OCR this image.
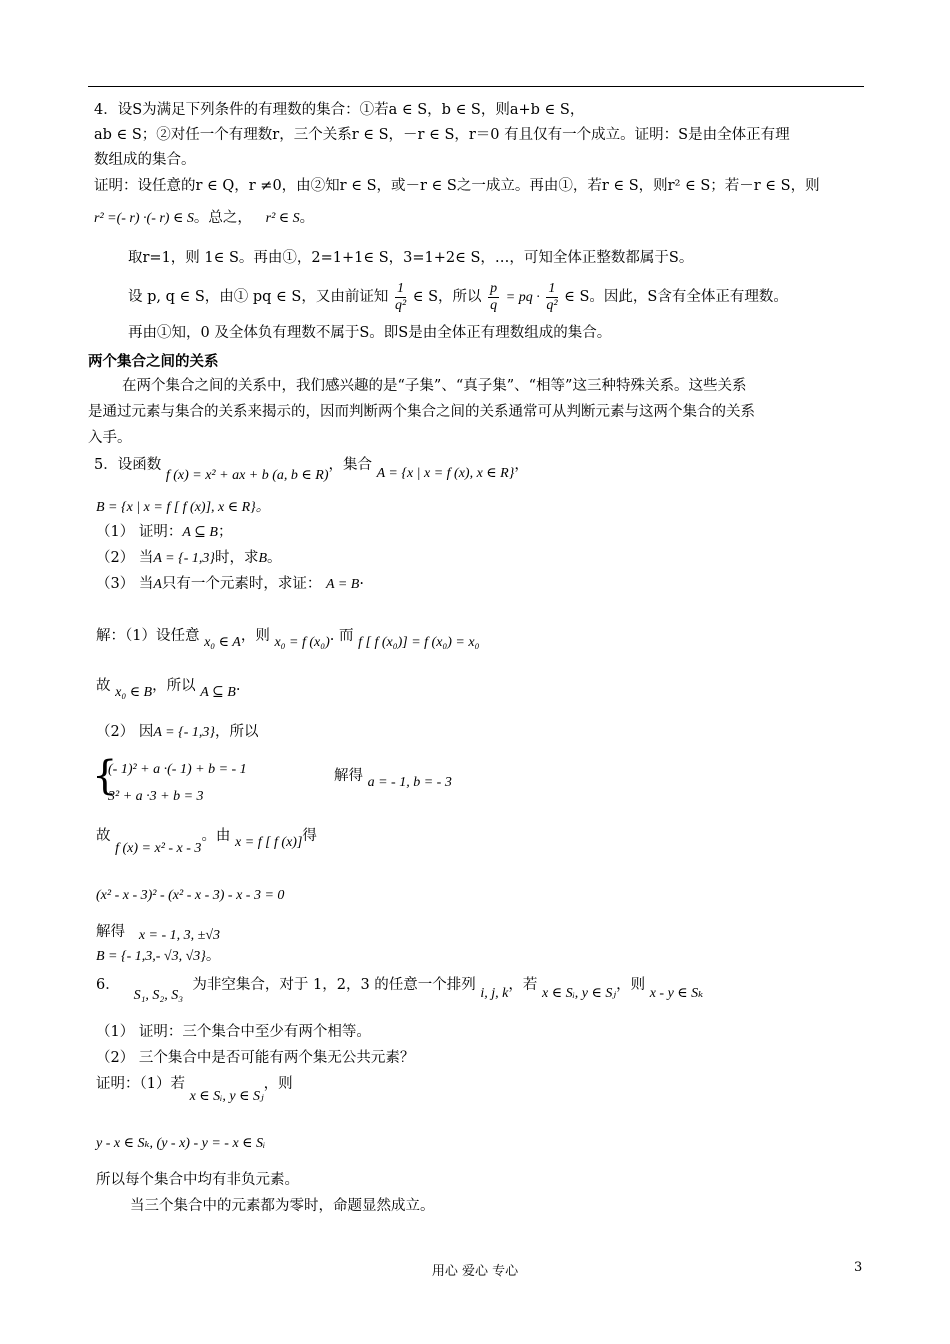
4．设S为满足下列条件的有理数的集合：①若a ∈ S，b ∈ S，则a+b ∈ S，
ab ∈ S；②对任一个有理数r，三个关系r ∈ S，－r ∈ S，r＝0 有且仅有一个成立。证明：S是由全体正有理
数组成的集合。
证明：设任意的r ∈ Q，r ≠0，由②知r ∈ S，或－r ∈ S之一成立。再由①，若r ∈ S，则r² ∈ S；若－r ∈ S，则
r² =(- r) ·(- r) ∈ S。总之， r² ∈ S。
取r=1，则 1∈ S。再由①，2=1+1∈ S，3=1+2∈ S，…，可知全体正整数都属于S。
设 p, q ∈ S，由① pq ∈ S，又由前证知 $\frac{1}{\text{q²}}$ ∈ S，所以 $\frac{p}{q}$ = pq · $\frac{1}{\text{q²}}$ ∈ S。因此，S含有全体正有理数。
再由①知，0 及全体负有理数不属于S。即S是由全体正有理数组成的集合。
两个集合之间的关系
在两个集合之间的关系中，我们感兴趣的是“子集”、“真子集”、“相等”这三种特殊关系。这些关系
是通过元素与集合的关系来揭示的，因而判断两个集合之间的关系通常可从判断元素与这两个集合的关系
入手。
5．设函数 f (x) = x² + ax + b (a, b ∈ R)，集合 A = {x | x = f (x), x ∈ R}，
B = {x | x = f [ f (x)], x ∈ R}。
（1） 证明：A ⊆ B；
（2） 当A = {- 1,3}时，求B。
（3） 当A只有一个元素时，求证： A = B·
解：（1）设任意 x₀ ∈ A，则 x₀ = f (x₀). 而 f [ f (x₀)] = f (x₀) = x₀
故 x₀ ∈ B，所以 A ⊆ B.
（2） 因A = {- 1,3}，所以
{
(- 1)² + a ·(- 1) + b = - 1
3² + a ·3 + b = 3
解得 a = - 1, b = - 3
故 f (x) = x² - x - 3。由 x = f [ f (x)]得
(x² - x - 3)² - (x² - x - 3) - x - 3 = 0
解得 x = - 1, 3, ±√3
B = {- 1,3,- √3, √3}。
6．   S₁, S₂, S₃  为非空集合，对于 1，2，3 的任意一个排列 i, j, k，若 x ∈ Sᵢ, y ∈ Sⱼ，则 x - y ∈ Sₖ
（1） 证明：三个集合中至少有两个相等。
（2） 三个集合中是否可能有两个集无公共元素？
证明：（1）若 x ∈ Sᵢ, y ∈ Sⱼ，则
y - x ∈ Sₖ, (y - x) - y = - x ∈ Sᵢ
所以每个集合中均有非负元素。
当三个集合中的元素都为零时，命题显然成立。
用心 爱心 专心	3
